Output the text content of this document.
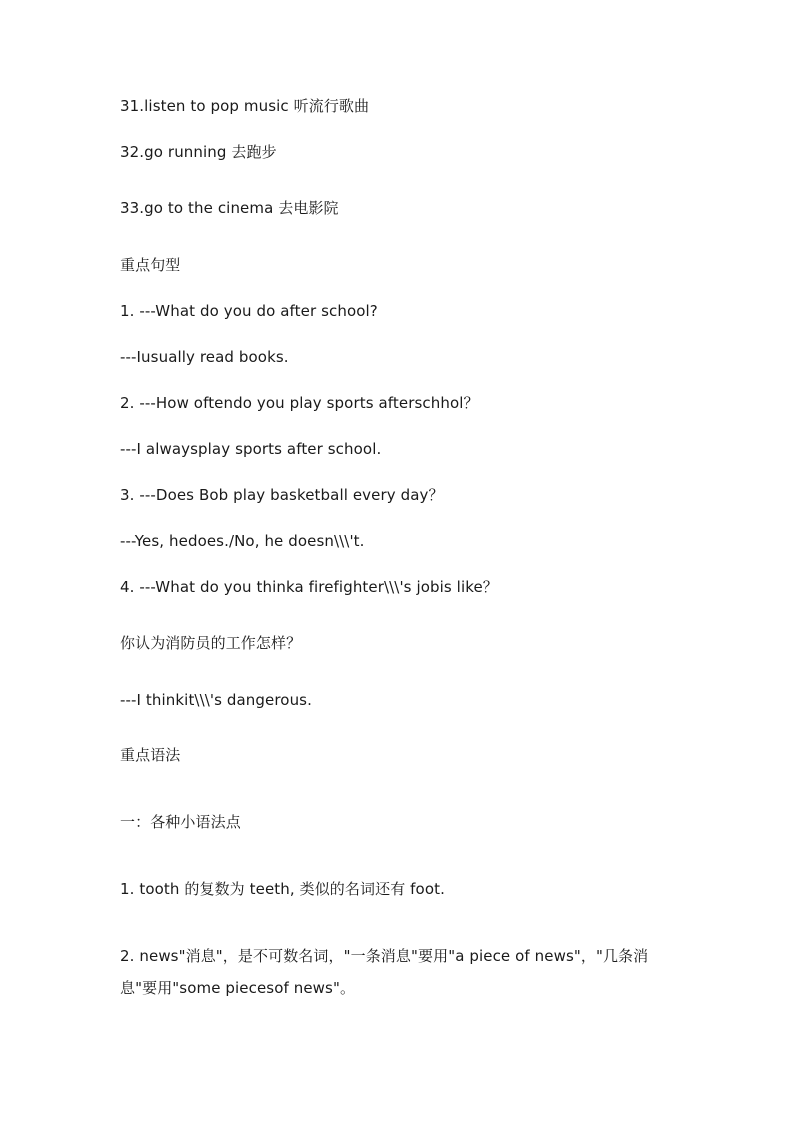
31.listen to pop music 听流行歌曲
32.go running 去跑步
33.go to the cinema 去电影院
重点句型
1. ---What do you do after school?
---Iusually read books.
2. ---How oftendo you play sports afterschhol？
---I alwaysplay sports after school.
3. ---Does Bob play basketball every day？
---Yes, hedoes./No, he doesn\\\'t.
4. ---What do you thinka firefighter\\\'s jobis like？
你认为消防员的工作怎样？
---I thinkit\\\'s dangerous.
重点语法
一：各种小语法点
1. tooth 的复数为 teeth, 类似的名词还有 foot.
2. news"消息"，是不可数名词，"一条消息"要用"a piece of news"，"几条消息"要用"some piecesof news"。
